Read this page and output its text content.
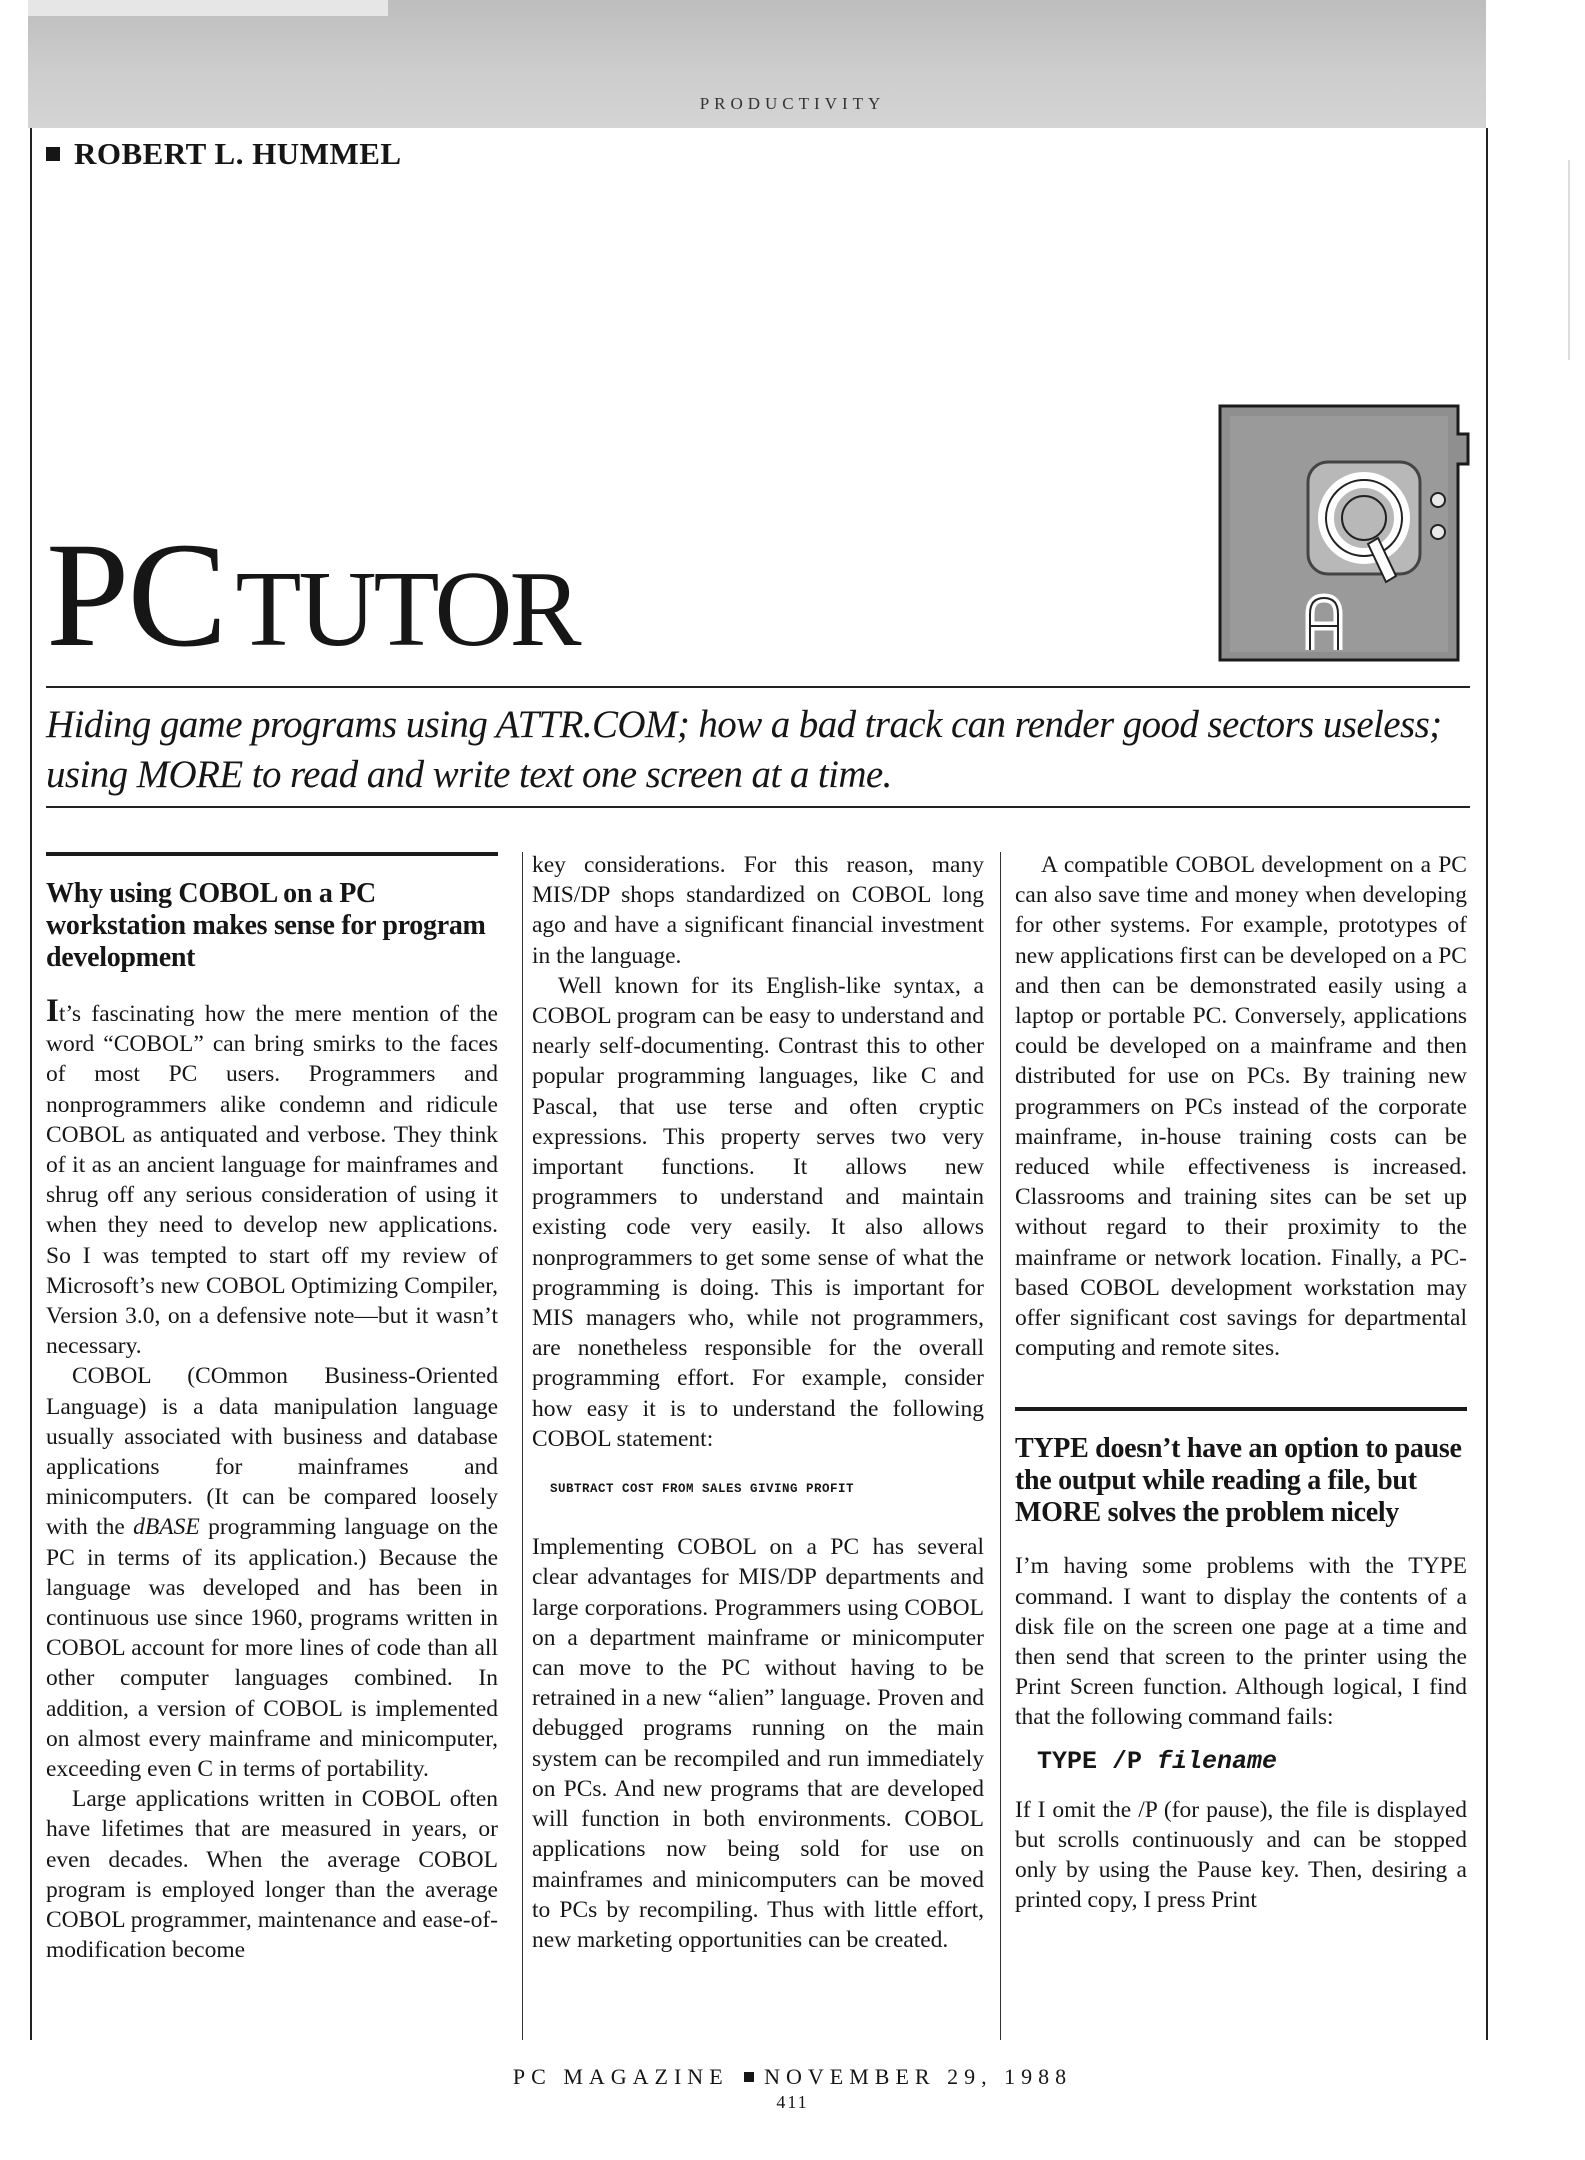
PRODUCTIVITY
ROBERT L. HUMMEL
PCTUTOR
Hiding game programs using ATTR.COM; how a bad track can render good sectors useless; using MORE to read and write text one screen at a time.
Why using COBOL on a PC workstation makes sense for program development

It’s fascinating how the mere mention of the word “COBOL” can bring smirks to the faces of most PC users. Programmers and nonprogrammers alike condemn and ridicule COBOL as antiquated and verbose. They think of it as an ancient language for mainframes and shrug off any serious consideration of using it when they need to develop new applications. So I was tempted to start off my review of Microsoft’s new COBOL Optimizing Compiler, Version 3.0, on a defensive note—but it wasn’t necessary.

COBOL (COmmon Business-Oriented Language) is a data manipulation language usually associated with business and database applications for mainframes and minicomputers. (It can be compared loosely with the dBASE programming language on the PC in terms of its application.) Because the language was developed and has been in continuous use since 1960, programs written in COBOL account for more lines of code than all other computer languages combined. In addition, a version of COBOL is implemented on almost every mainframe and minicomputer, exceeding even C in terms of portability.

Large applications written in COBOL often have lifetimes that are measured in years, or even decades. When the average COBOL program is employed longer than the average COBOL programmer, maintenance and ease-of-modification become

key considerations. For this reason, many MIS/DP shops standardized on COBOL long ago and have a significant financial investment in the language.

Well known for its English-like syntax, a COBOL program can be easy to understand and nearly self-documenting. Contrast this to other popular programming languages, like C and Pascal, that use terse and often cryptic expressions. This property serves two very important functions. It allows new programmers to understand and maintain existing code very easily. It also allows nonprogrammers to get some sense of what the programming is doing. This is important for MIS managers who, while not programmers, are nonetheless responsible for the overall programming effort. For example, consider how easy it is to understand the following COBOL statement:

SUBTRACT COST FROM SALES GIVING PROFIT

Implementing COBOL on a PC has several clear advantages for MIS/DP departments and large corporations. Programmers using COBOL on a department mainframe or minicomputer can move to the PC without having to be retrained in a new “alien” language. Proven and debugged programs running on the main system can be recompiled and run immediately on PCs. And new programs that are developed will function in both environments. COBOL applications now being sold for use on mainframes and minicomputers can be moved to PCs by recompiling. Thus with little effort, new marketing opportunities can be created.

A compatible COBOL development on a PC can also save time and money when developing for other systems. For example, prototypes of new applications first can be developed on a PC and then can be demonstrated easily using a laptop or portable PC. Conversely, applications could be developed on a mainframe and then distributed for use on PCs. By training new programmers on PCs instead of the corporate mainframe, in-house training costs can be reduced while effectiveness is increased. Classrooms and training sites can be set up without regard to their proximity to the mainframe or network location. Finally, a PC-based COBOL development workstation may offer significant cost savings for departmental computing and remote sites.

TYPE doesn’t have an option to pause the output while reading a file, but MORE solves the problem nicely

I’m having some problems with the TYPE command. I want to display the contents of a disk file on the screen one page at a time and then send that screen to the printer using the Print Screen function. Although logical, I find that the following command fails:

TYPE /P filename

If I omit the /P (for pause), the file is displayed but scrolls continuously and can be stopped only by using the Pause key. Then, desiring a printed copy, I press Print

PC MAGAZINE NOVEMBER 29, 1988
411
